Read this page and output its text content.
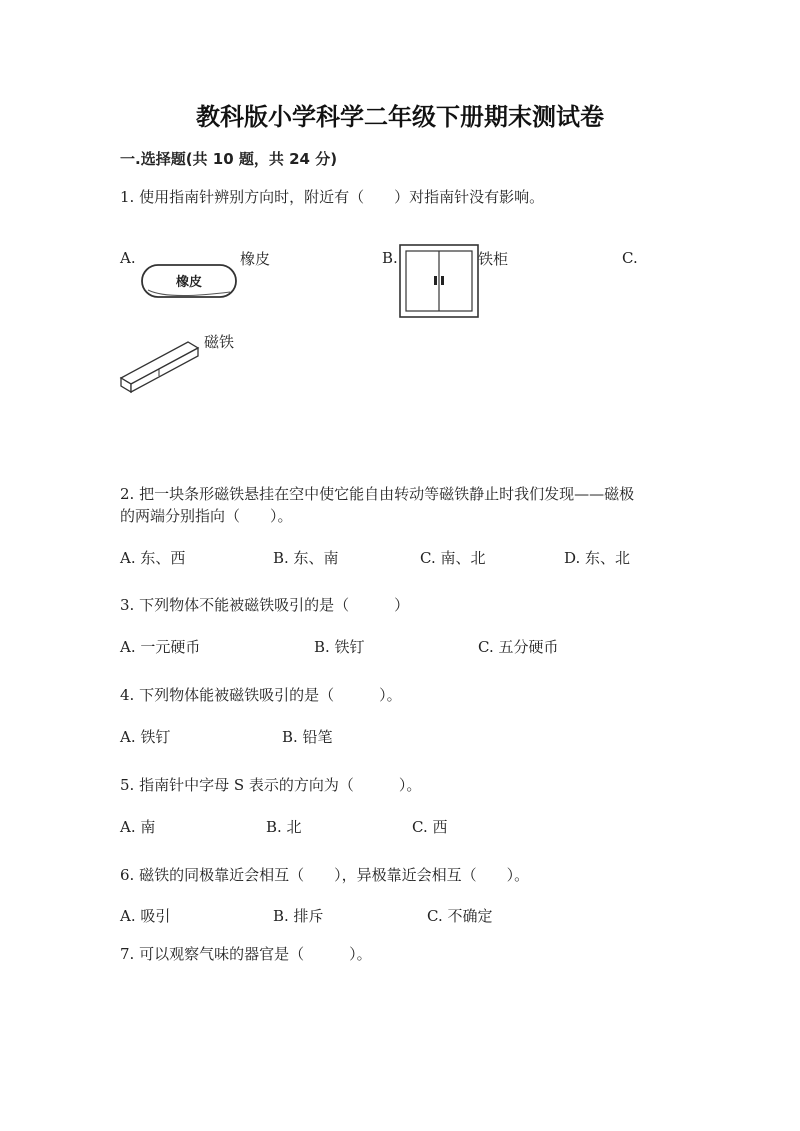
教科版小学科学二年级下册期末测试卷
一.选择题(共 10 题，共 24 分)
1. 使用指南针辨别方向时，附近有（　　）对指南针没有影响。
A.
橡皮
橡皮	B.	铁柜	C.
磁铁
2. 把一块条形磁铁悬挂在空中使它能自由转动等磁铁静止时我们发现——磁极
的两端分别指向（　　）。
A. 东、西	B. 东、南	C. 南、北	D. 东、北
3. 下列物体不能被磁铁吸引的是（　　　）
A. 一元硬币	B. 铁钉	C. 五分硬币
4. 下列物体能被磁铁吸引的是（　　　）。
A. 铁钉	B. 铅笔
5. 指南针中字母 S 表示的方向为（　　　）。
A. 南	B. 北	C. 西
6. 磁铁的同极靠近会相互（　　），异极靠近会相互（　　）。
A. 吸引	B. 排斥	C. 不确定
7. 可以观察气味的器官是（　　　）。
